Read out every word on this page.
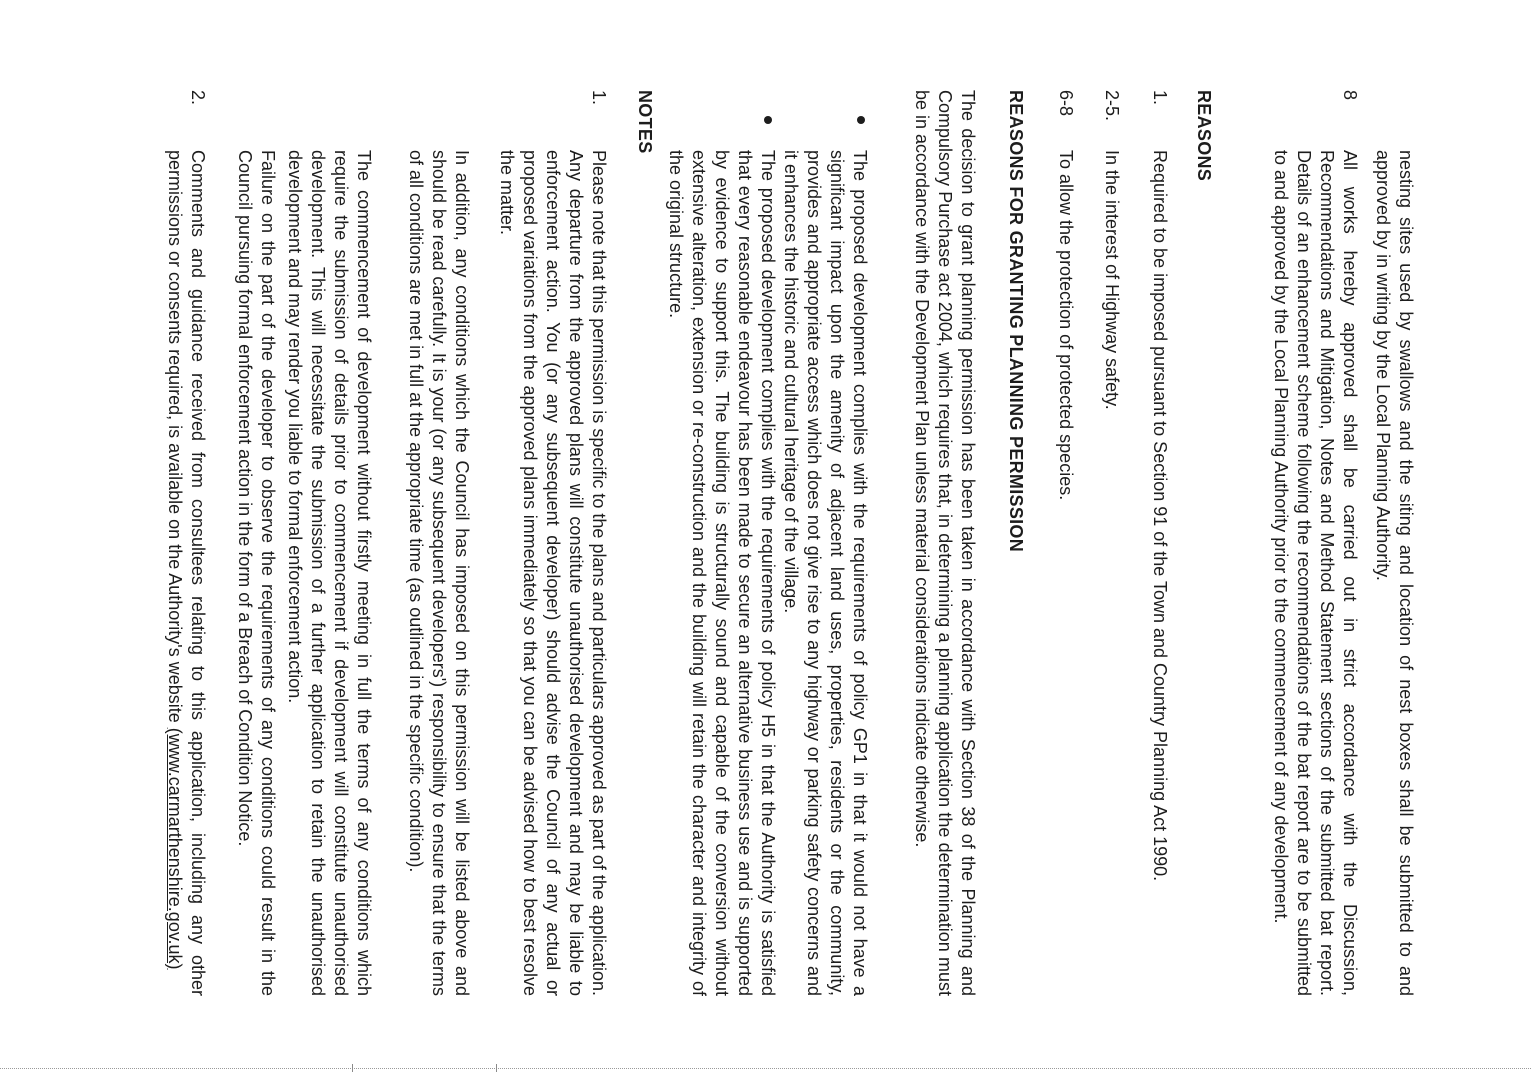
nesting sites used by swallows and the siting and location of nest boxes shall be submitted to and approved by in writing by the Local Planning Authority.

8

All works hereby approved shall be carried out in strict accordance with the Discussion, Recommendations and Mitigation, Notes and Method Statement sections of the submitted bat report. Details of an enhancement scheme following the recommendations of the bat report are to be submitted to and approved by the Local Planning Authority prior to the commencement of any development.

REASONS
1.

Required to be imposed pursuant to Section 91 of the Town and Country Planning Act 1990.

2-5.

In the interest of Highway safety.

6-8

To allow the protection of protected species.

REASONS FOR GRANTING PLANNING PERMISSION

The decision to grant planning permission has been taken in accordance with Section 38 of the Planning and Compulsory Purchase act 2004, which requires that, in determining a planning application the determination must be in accordance with the Development Plan unless material considerations indicate otherwise.

The proposed development complies with the requirements of policy GP1 in that it would not have a significant impact upon the amenity of adjacent land uses, properties, residents or the community, provides and appropriate access which does not give rise to any highway or parking safety concerns and it enhances the historic and cultural heritage of the village.

The proposed development complies with the requirements of policy H5 in that the Authority is satisfied that every reasonable endeavour has been made to secure an alternative business use and is supported by evidence to support this. The building is structurally sound and capable of the conversion without extensive alteration, extension or re-construction and the building will retain the character and integrity of the original structure.

NOTES
1.

Please note that this permission is specific to the plans and particulars approved as part of the application. Any departure from the approved plans will constitute unauthorised development and may be liable to enforcement action. You (or any subsequent developer) should advise the Council of any actual or proposed variations from the approved plans immediately so that you can be advised how to best resolve the matter.

In addition, any conditions which the Council has imposed on this permission will be listed above and should be read carefully. It is your (or any subsequent developers') responsibility to ensure that the terms of all conditions are met in full at the appropriate time (as outlined in the specific condition).

The commencement of development without firstly meeting in full the terms of any conditions which require the submission of details prior to commencement if development will constitute unauthorised development. This will necessitate the submission of a further application to retain the unauthorised development and may render you liable to formal enforcement action.

Failure on the part of the developer to observe the requirements of any conditions could result in the Council pursuing formal enforcement action in the form of a Breach of Condition Notice.

2.

Comments and guidance received from consultees relating to this application, including any other permissions or consents required, is available on the Authority's website (www.carmarthenshire.gov.uk)
